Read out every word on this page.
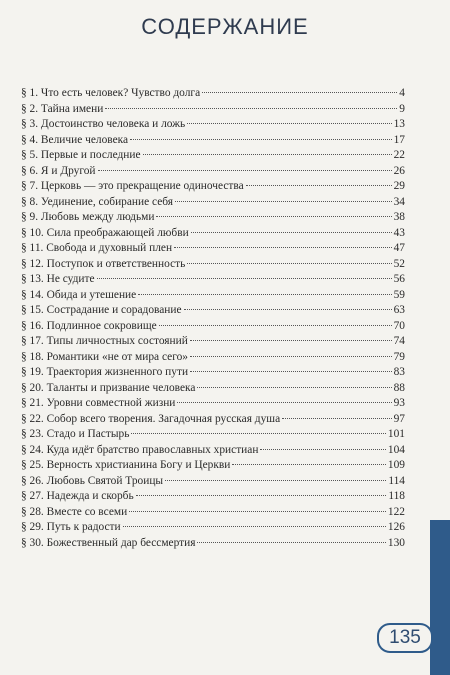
СОДЕРЖАНИЕ
§ 1. Что есть человек? Чувство долга	4
§ 2. Тайна имени	9
§ 3. Достоинство человека и ложь	13
§ 4. Величие человека	17
§ 5. Первые и последние	22
§ 6. Я и Другой	26
§ 7. Церковь — это прекращение одиночества	29
§ 8. Уединение, собирание себя	34
§ 9. Любовь между людьми	38
§ 10. Сила преображающей любви	43
§ 11. Свобода и духовный плен	47
§ 12. Поступок и ответственность	52
§ 13. Не судите	56
§ 14. Обида и утешение	59
§ 15. Сострадание и сорадование	63
§ 16. Подлинное сокровище	70
§ 17. Типы личностных состояний	74
§ 18. Романтики «не от мира сего»	79
§ 19. Траектория жизненного пути	83
§ 20. Таланты и призвание человека	88
§ 21. Уровни совместной жизни	93
§ 22. Собор всего творения. Загадочная русская душа	97
§ 23. Стадо и Пастырь	101
§ 24. Куда идёт братство православных христиан	104
§ 25. Верность христианина Богу и Церкви	109
§ 26. Любовь Святой Троицы	114
§ 27. Надежда и скорбь	118
§ 28. Вместе со всеми	122
§ 29. Путь к радости	126
§ 30. Божественный дар бессмертия	130
135
